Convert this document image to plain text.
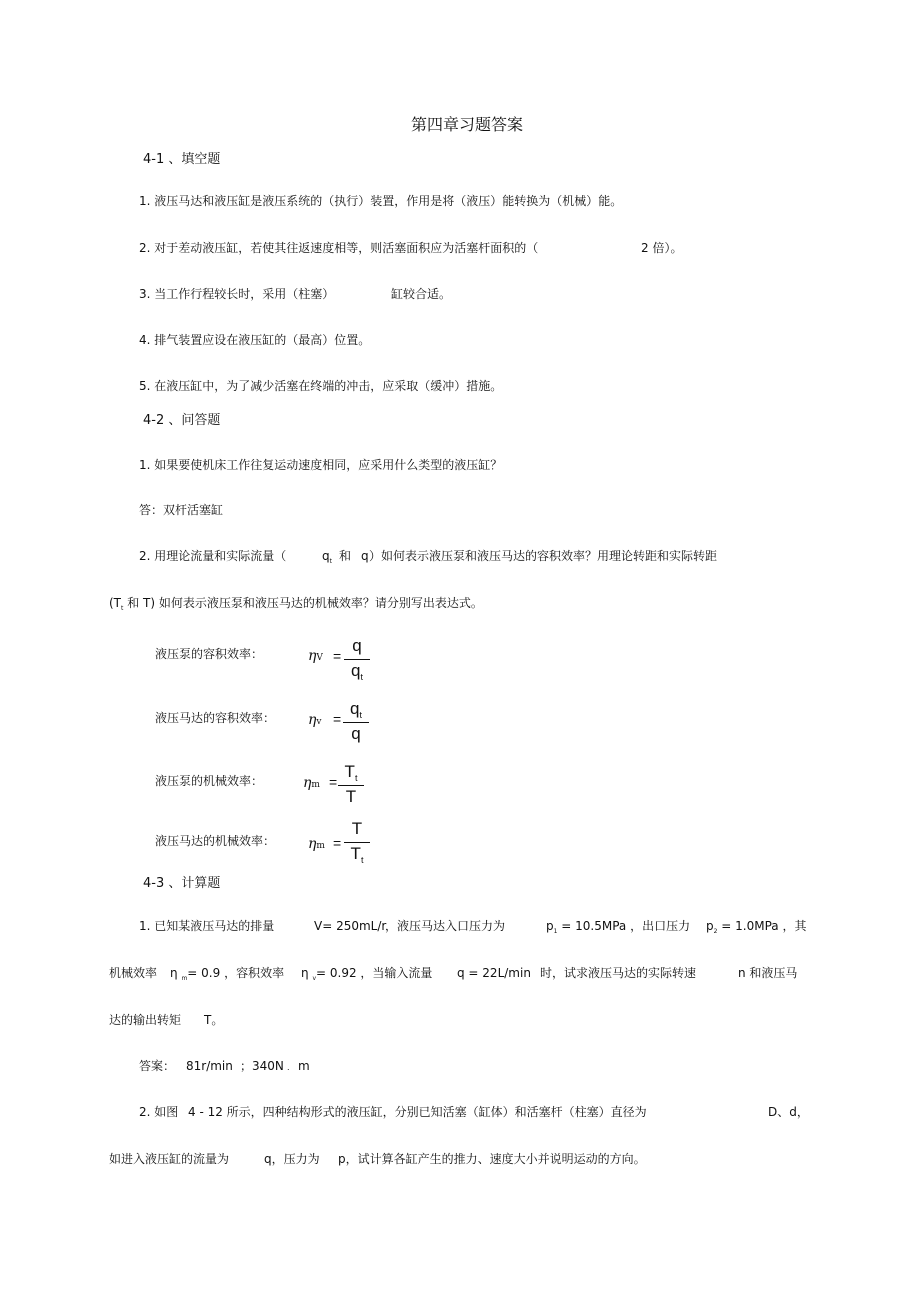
第四章习题答案
4-1 、填空题
1. 液压马达和液压缸是液压系统的（执行）装置，作用是将（液压）能转换为（机械）能。
2. 对于差动液压缸，若使其往返速度相等，则活塞面积应为活塞杆面积的（	2 倍）。
3. 当工作行程较长时，采用（柱塞）	缸较合适。
4. 排气装置应设在液压缸的（最高）位置。
5. 在液压缸中，为了减少活塞在终端的冲击，应采取（缓冲）措施。
4-2 、问答题
1. 如果要使机床工作往复运动速度相同，应采用什么类型的液压缸？
答：双杆活塞缸
2. 用理论流量和实际流量（	$q_t$ 和 q ）如何表示液压泵和液压马达的容积效率？用理论转距和实际转距
($T_t$ 和 T) 如何表示液压泵和液压马达的机械效率？请分别写出表达式。
液压泵的容积效率：	ηV =
q
$q_t$
液压马达的容积效率： ηv =
$q_t$
q
液压泵的机械效率：	ηm =
$T_t$
T
液压马达的机械效率： ηm =
T
$T_t$
4-3 、计算题
1. 已知某液压马达的排量	V= 250mL/r
，液压马达入口压力为	$p_1 = 10.5MPa$ ，出口压力 $p_2 = 1.0MPa$ ，其
机械效率 η $_m$= 0.9 ，容积效率 η $_v$= 0.92 ，当输入流量 q = 22L/min 时，试求液压马达的实际转速	n 和液压马
达的输出转矩 T。
答案： 81r/min ；340N . m
2. 如图 4 - 12 所示，四种结构形式的液压缸，分别已知活塞（缸体）和活塞杆（柱塞）直径为	D、d，
如进入液压缸的流量为	q，压力为 p，试计算各缸产生的推力、速度大小并说明运动的方向。
